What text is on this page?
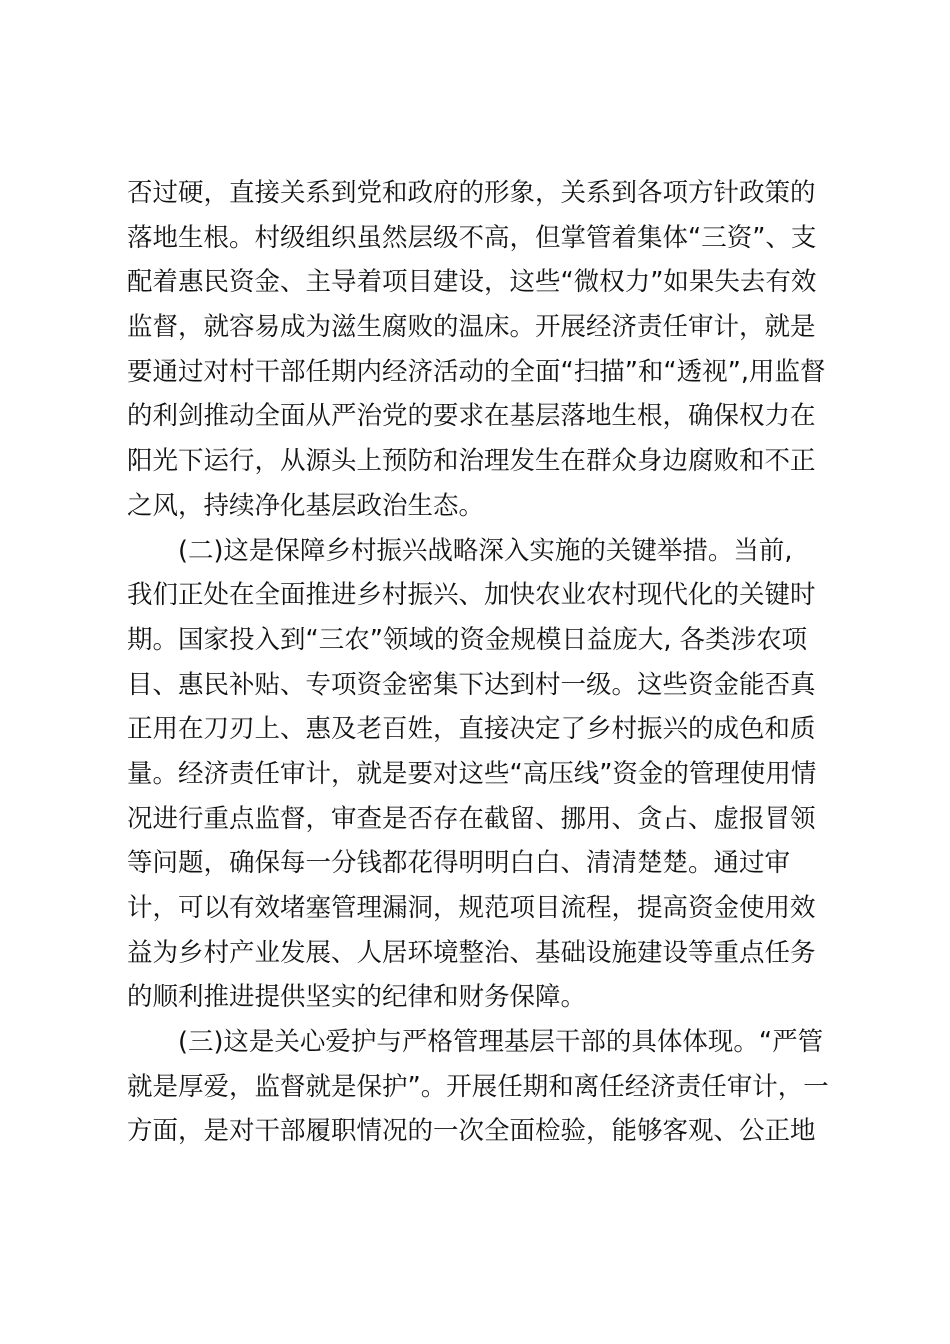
否过硬，直接关系到党和政府的形象，关系到各项方针政策的
落地生根。村级组织虽然层级不高，但掌管着集体“三资”、支
配着惠民资金、主导着项目建设，这些“微权力”如果失去有效
监督，就容易成为滋生腐败的温床。开展经济责任审计，就是
要通过对村干部任期内经济活动的全面“扫描”和“透视”,用监督
的利剑推动全面从严治党的要求在基层落地生根，确保权力在
阳光下运行，从源头上预防和治理发生在群众身边腐败和不正
之风，持续净化基层政治生态。
(二)这是保障乡村振兴战略深入实施的关键举措。当前,
我们正处在全面推进乡村振兴、加快农业农村现代化的关键时
期。国家投入到“三农”领域的资金规模日益庞大, 各类涉农项
目、惠民补贴、专项资金密集下达到村一级。这些资金能否真
正用在刀刃上、惠及老百姓，直接决定了乡村振兴的成色和质
量。经济责任审计，就是要对这些“高压线”资金的管理使用情
况进行重点监督，审查是否存在截留、挪用、贪占、虚报冒领
等问题，确保每一分钱都花得明明白白、清清楚楚。通过审
计，可以有效堵塞管理漏洞，规范项目流程，提高资金使用效
益为乡村产业发展、人居环境整治、基础设施建设等重点任务
的顺利推进提供坚实的纪律和财务保障。
(三)这是关心爱护与严格管理基层干部的具体体现。“严管
就是厚爱，监督就是保护”。开展任期和离任经济责任审计，一
方面，是对干部履职情况的一次全面检验，能够客观、公正地
